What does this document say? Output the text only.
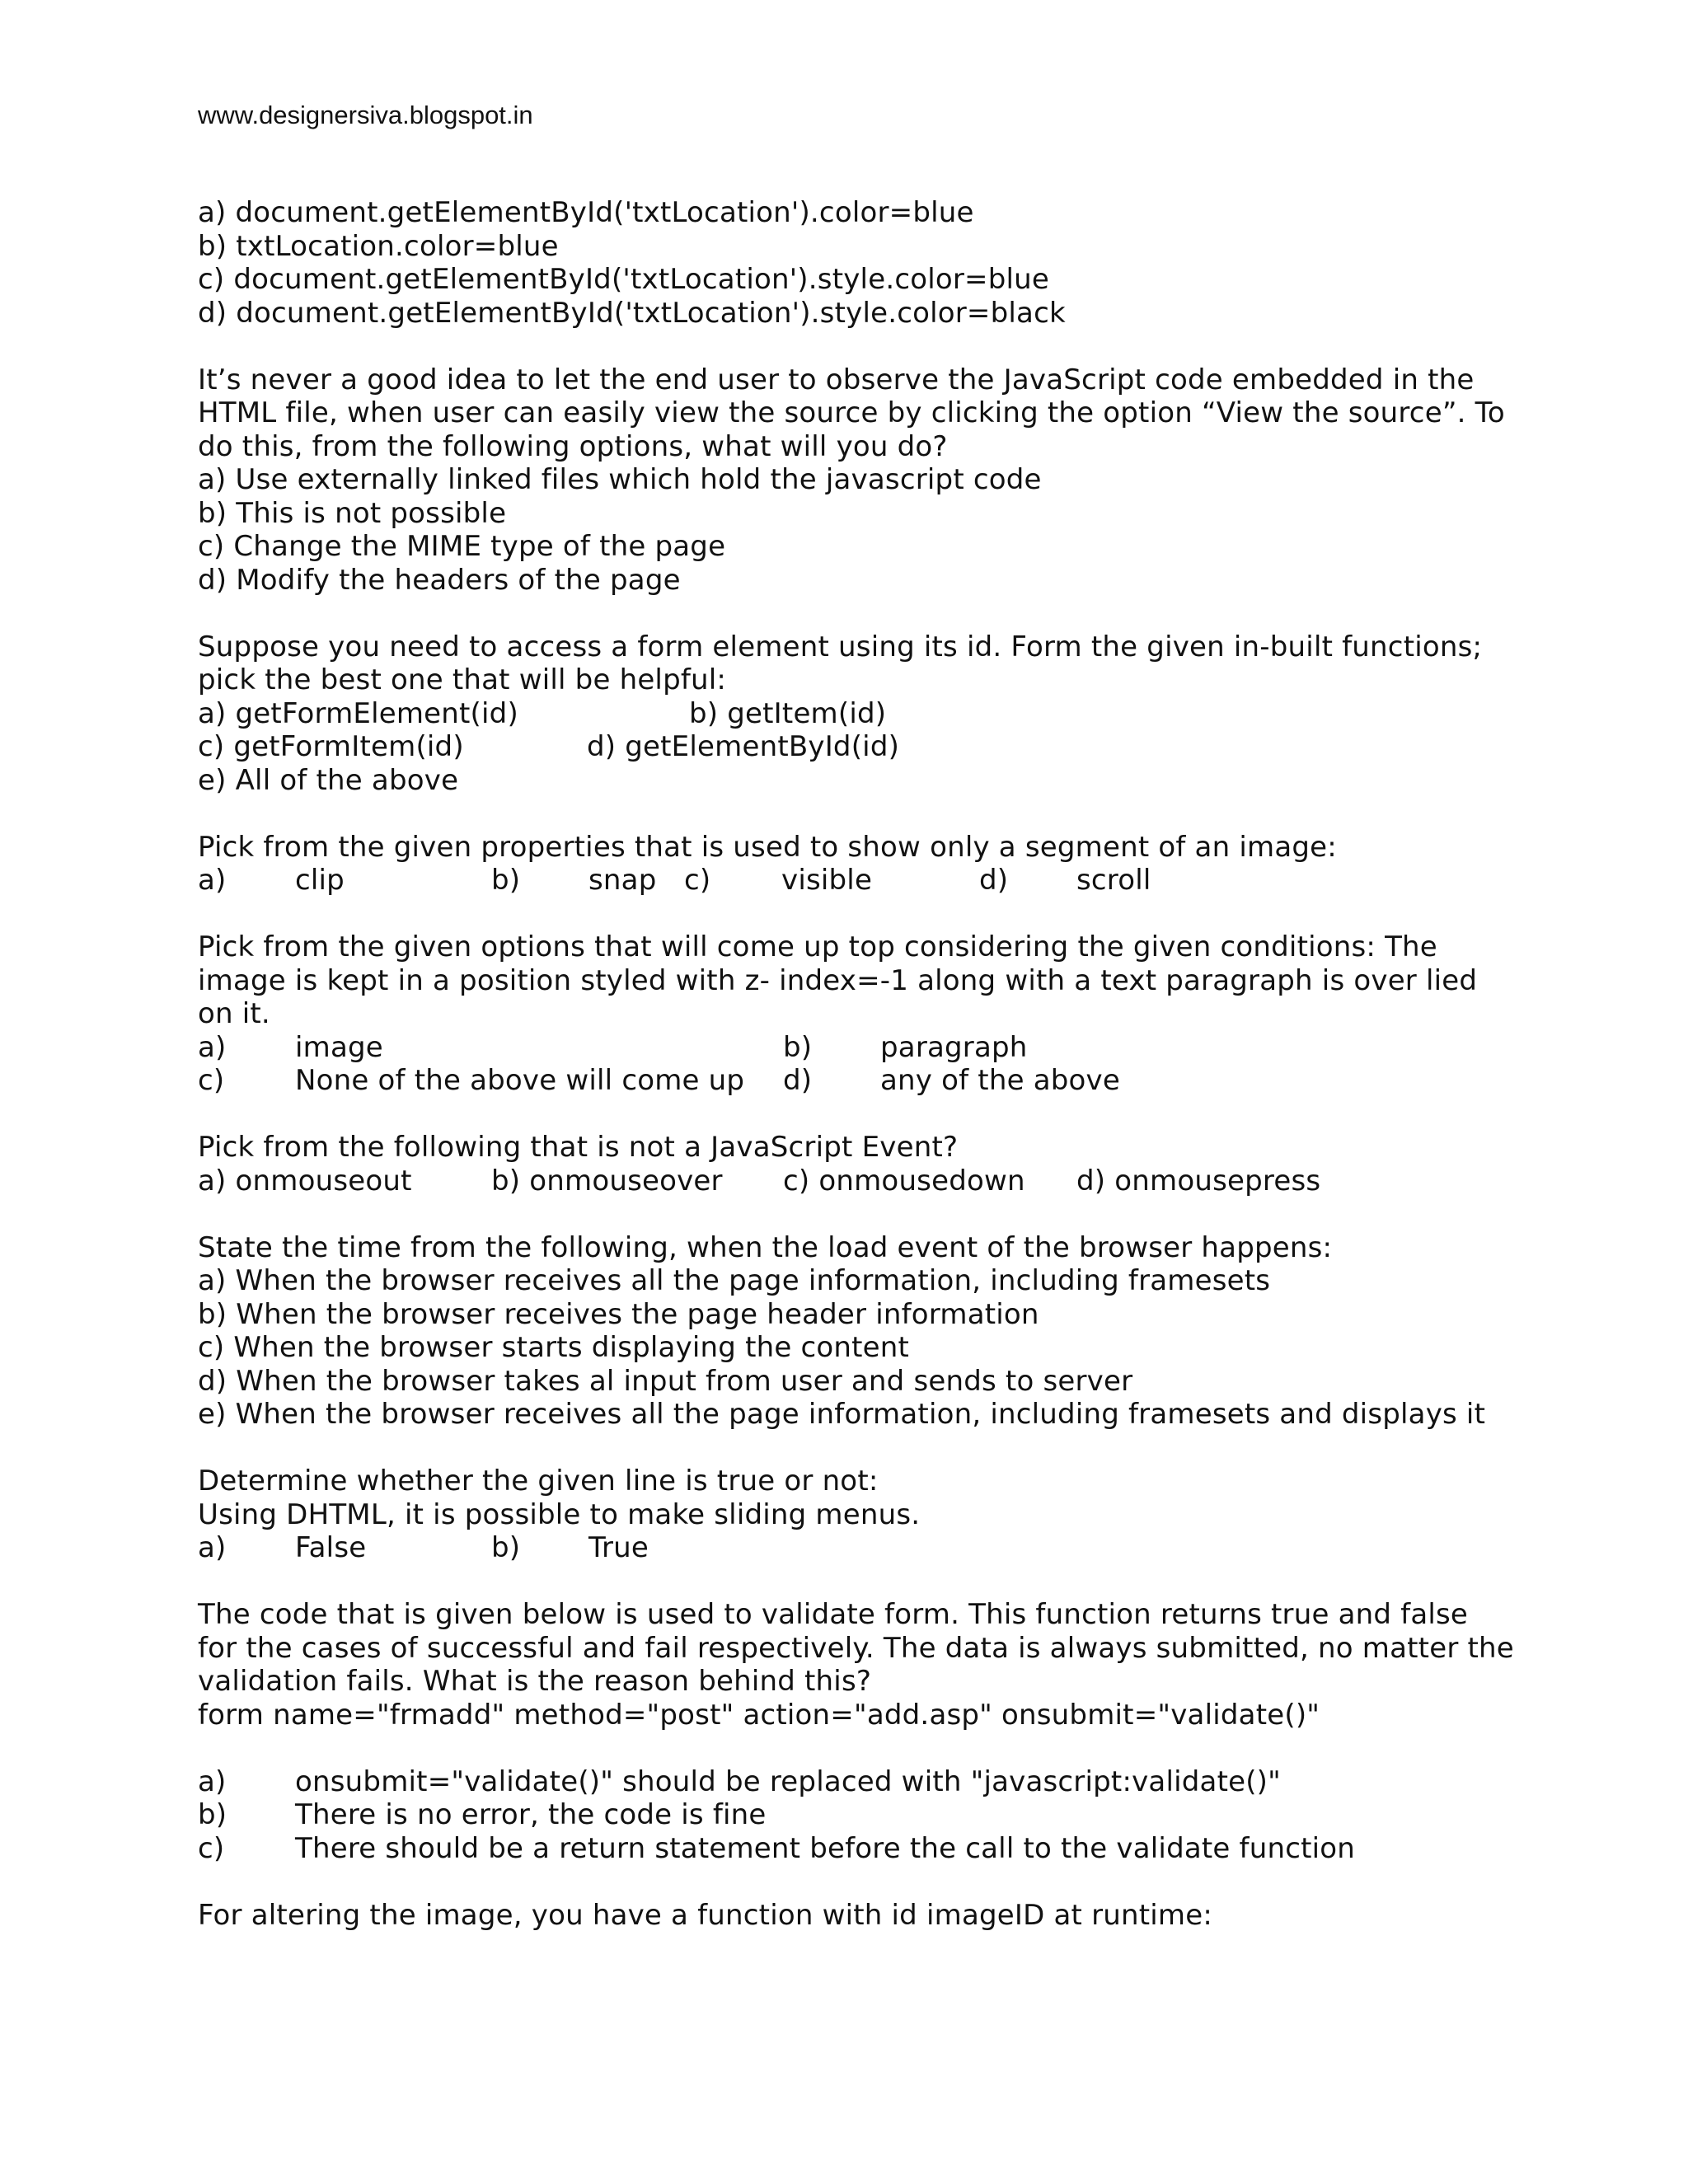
www.designersiva.blogspot.in
a) document.getElementById('txtLocation').color=blue
b) txtLocation.color=blue
c) document.getElementById('txtLocation').style.color=blue
d) document.getElementById('txtLocation').style.color=black
It’s never a good idea to let the end user to observe the JavaScript code embedded in the
HTML file, when user can easily view the source by clicking the option “View the source”. To
do this, from the following options, what will you do?
a) Use externally linked files which hold the javascript code
b) This is not possible
c) Change the MIME type of the page
d) Modify the headers of the page
Suppose you need to access a form element using its id. Form the given in-built functions;
pick the best one that will be helpful:

a) getFormElement(id)

	b) getItem(id)

c) getFormItem(id)

	d) getElementById(id)

e) All of the above
Pick from the given properties that is used to show only a segment of an image:

a)

clip

	b)

snap

c)

	visible

	d)

scroll

Pick from the given options that will come up top considering the given conditions: The
image is kept in a position styled with z- index=-1 along with a text paragraph is over lied
on it.

a)

image

	b)

paragraph

c)

	None of the above will come up

d)

any of the above

Pick from the following that is not a JavaScript Event?

a) onmouseout

	b) onmouseover

c) onmousedown

d) onmousepress

State the time from the following, when the load event of the browser happens:
a) When the browser receives all the page information, including framesets
b) When the browser receives the page header information
c) When the browser starts displaying the content
d) When the browser takes al input from user and sends to server
e) When the browser receives all the page information, including framesets and displays it
Determine whether the given line is true or not:
Using DHTML, it is possible to make sliding menus.

a)

False

	b)

True

The code that is given below is used to validate form. This function returns true and false
for the cases of successful and fail respectively. The data is always submitted, no matter the
validation fails. What is the reason behind this?
form name="frmadd" method="post" action="add.asp" onsubmit="validate()"

a)

onsubmit="validate()" should be replaced with "javascript:validate()"

b)

There is no error, the code is fine

c)

	There should be a return statement before the call to the validate function

For altering the image, you have a function with id imageID at runtime:
